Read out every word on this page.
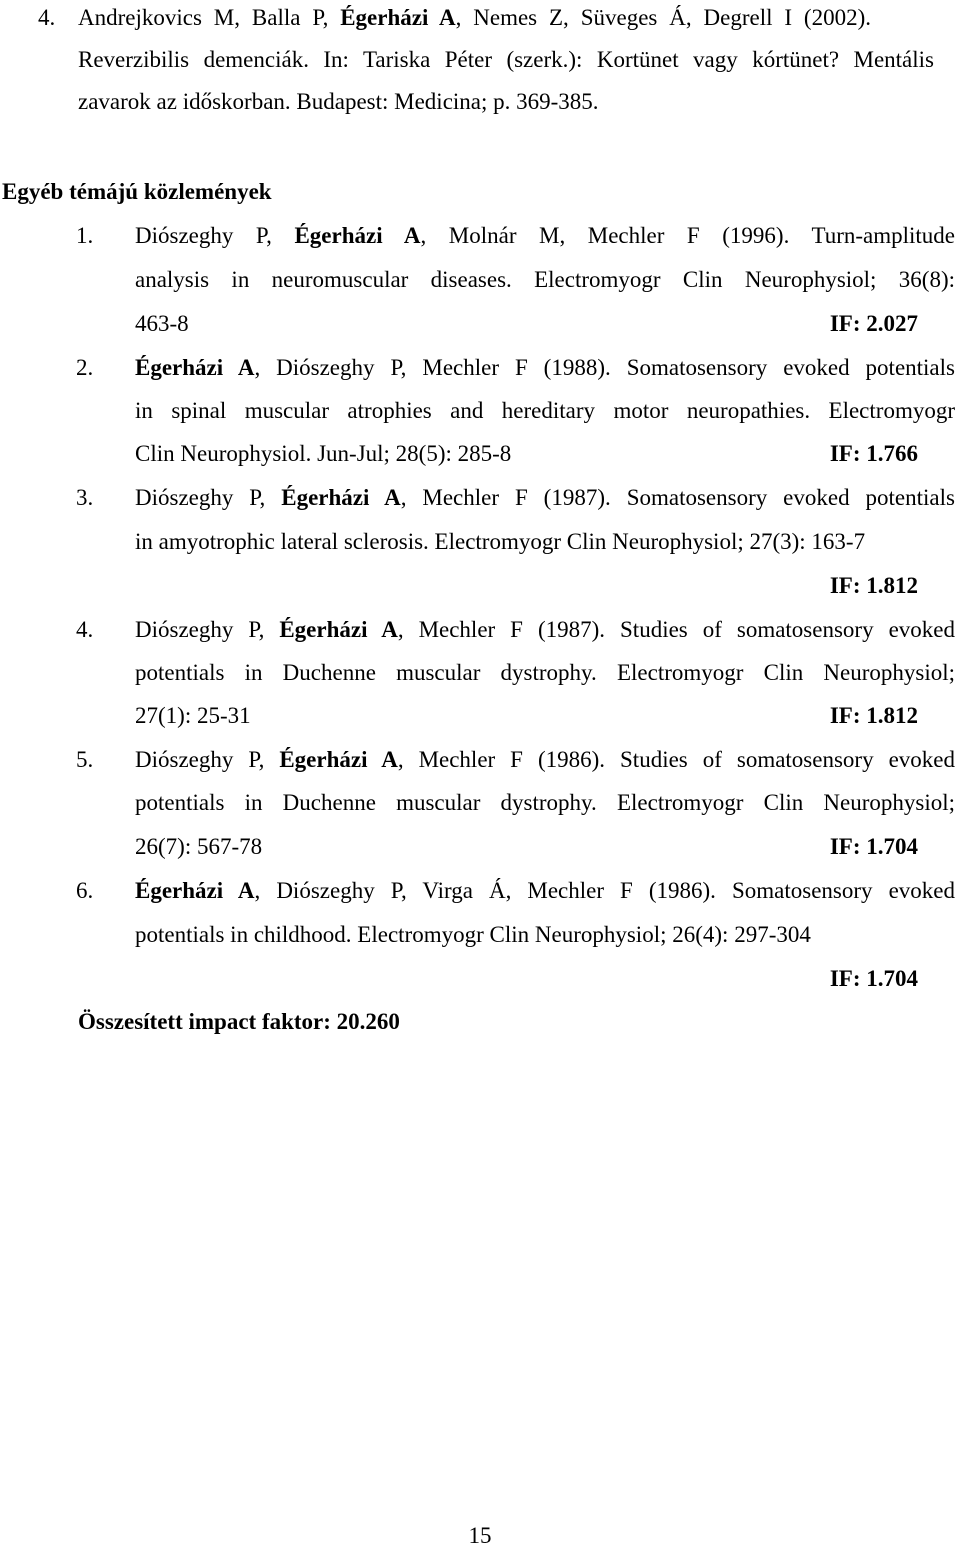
4. Andrejkovics M, Balla P, Égerházi A, Nemes Z, Süveges Á, Degrell I (2002).
Reverzibilis demenciák. In: Tariska Péter (szerk.): Kortünet vagy kórtünet? Mentális
zavarok az időskorban. Budapest: Medicina; p. 369-385.
Egyéb témájú közlemények
1. Diószeghy P, Égerházi A, Molnár M, Mechler F (1996). Turn-amplitude
analysis in neuromuscular diseases. Electromyogr Clin Neurophysiol; 36(8):
463-8	IF: 2.027
2. Égerházi A, Diószeghy P, Mechler F (1988). Somatosensory evoked potentials
in spinal muscular atrophies and hereditary motor neuropathies. Electromyogr
Clin Neurophysiol. Jun-Jul; 28(5): 285-8	IF: 1.766
3. Diószeghy P, Égerházi A, Mechler F (1987). Somatosensory evoked potentials
in amyotrophic lateral sclerosis. Electromyogr Clin Neurophysiol; 27(3): 163-7
IF: 1.812
4. Diószeghy P, Égerházi A, Mechler F (1987). Studies of somatosensory evoked
potentials in Duchenne muscular dystrophy. Electromyogr Clin Neurophysiol;
27(1): 25-31	IF: 1.812
5. Diószeghy P, Égerházi A, Mechler F (1986). Studies of somatosensory evoked
potentials in Duchenne muscular dystrophy. Electromyogr Clin Neurophysiol;
26(7): 567-78	IF: 1.704
6. Égerházi A, Diószeghy P, Virga Á, Mechler F (1986). Somatosensory evoked
potentials in childhood. Electromyogr Clin Neurophysiol; 26(4): 297-304
IF: 1.704
Összesített impact faktor: 20.260
15
